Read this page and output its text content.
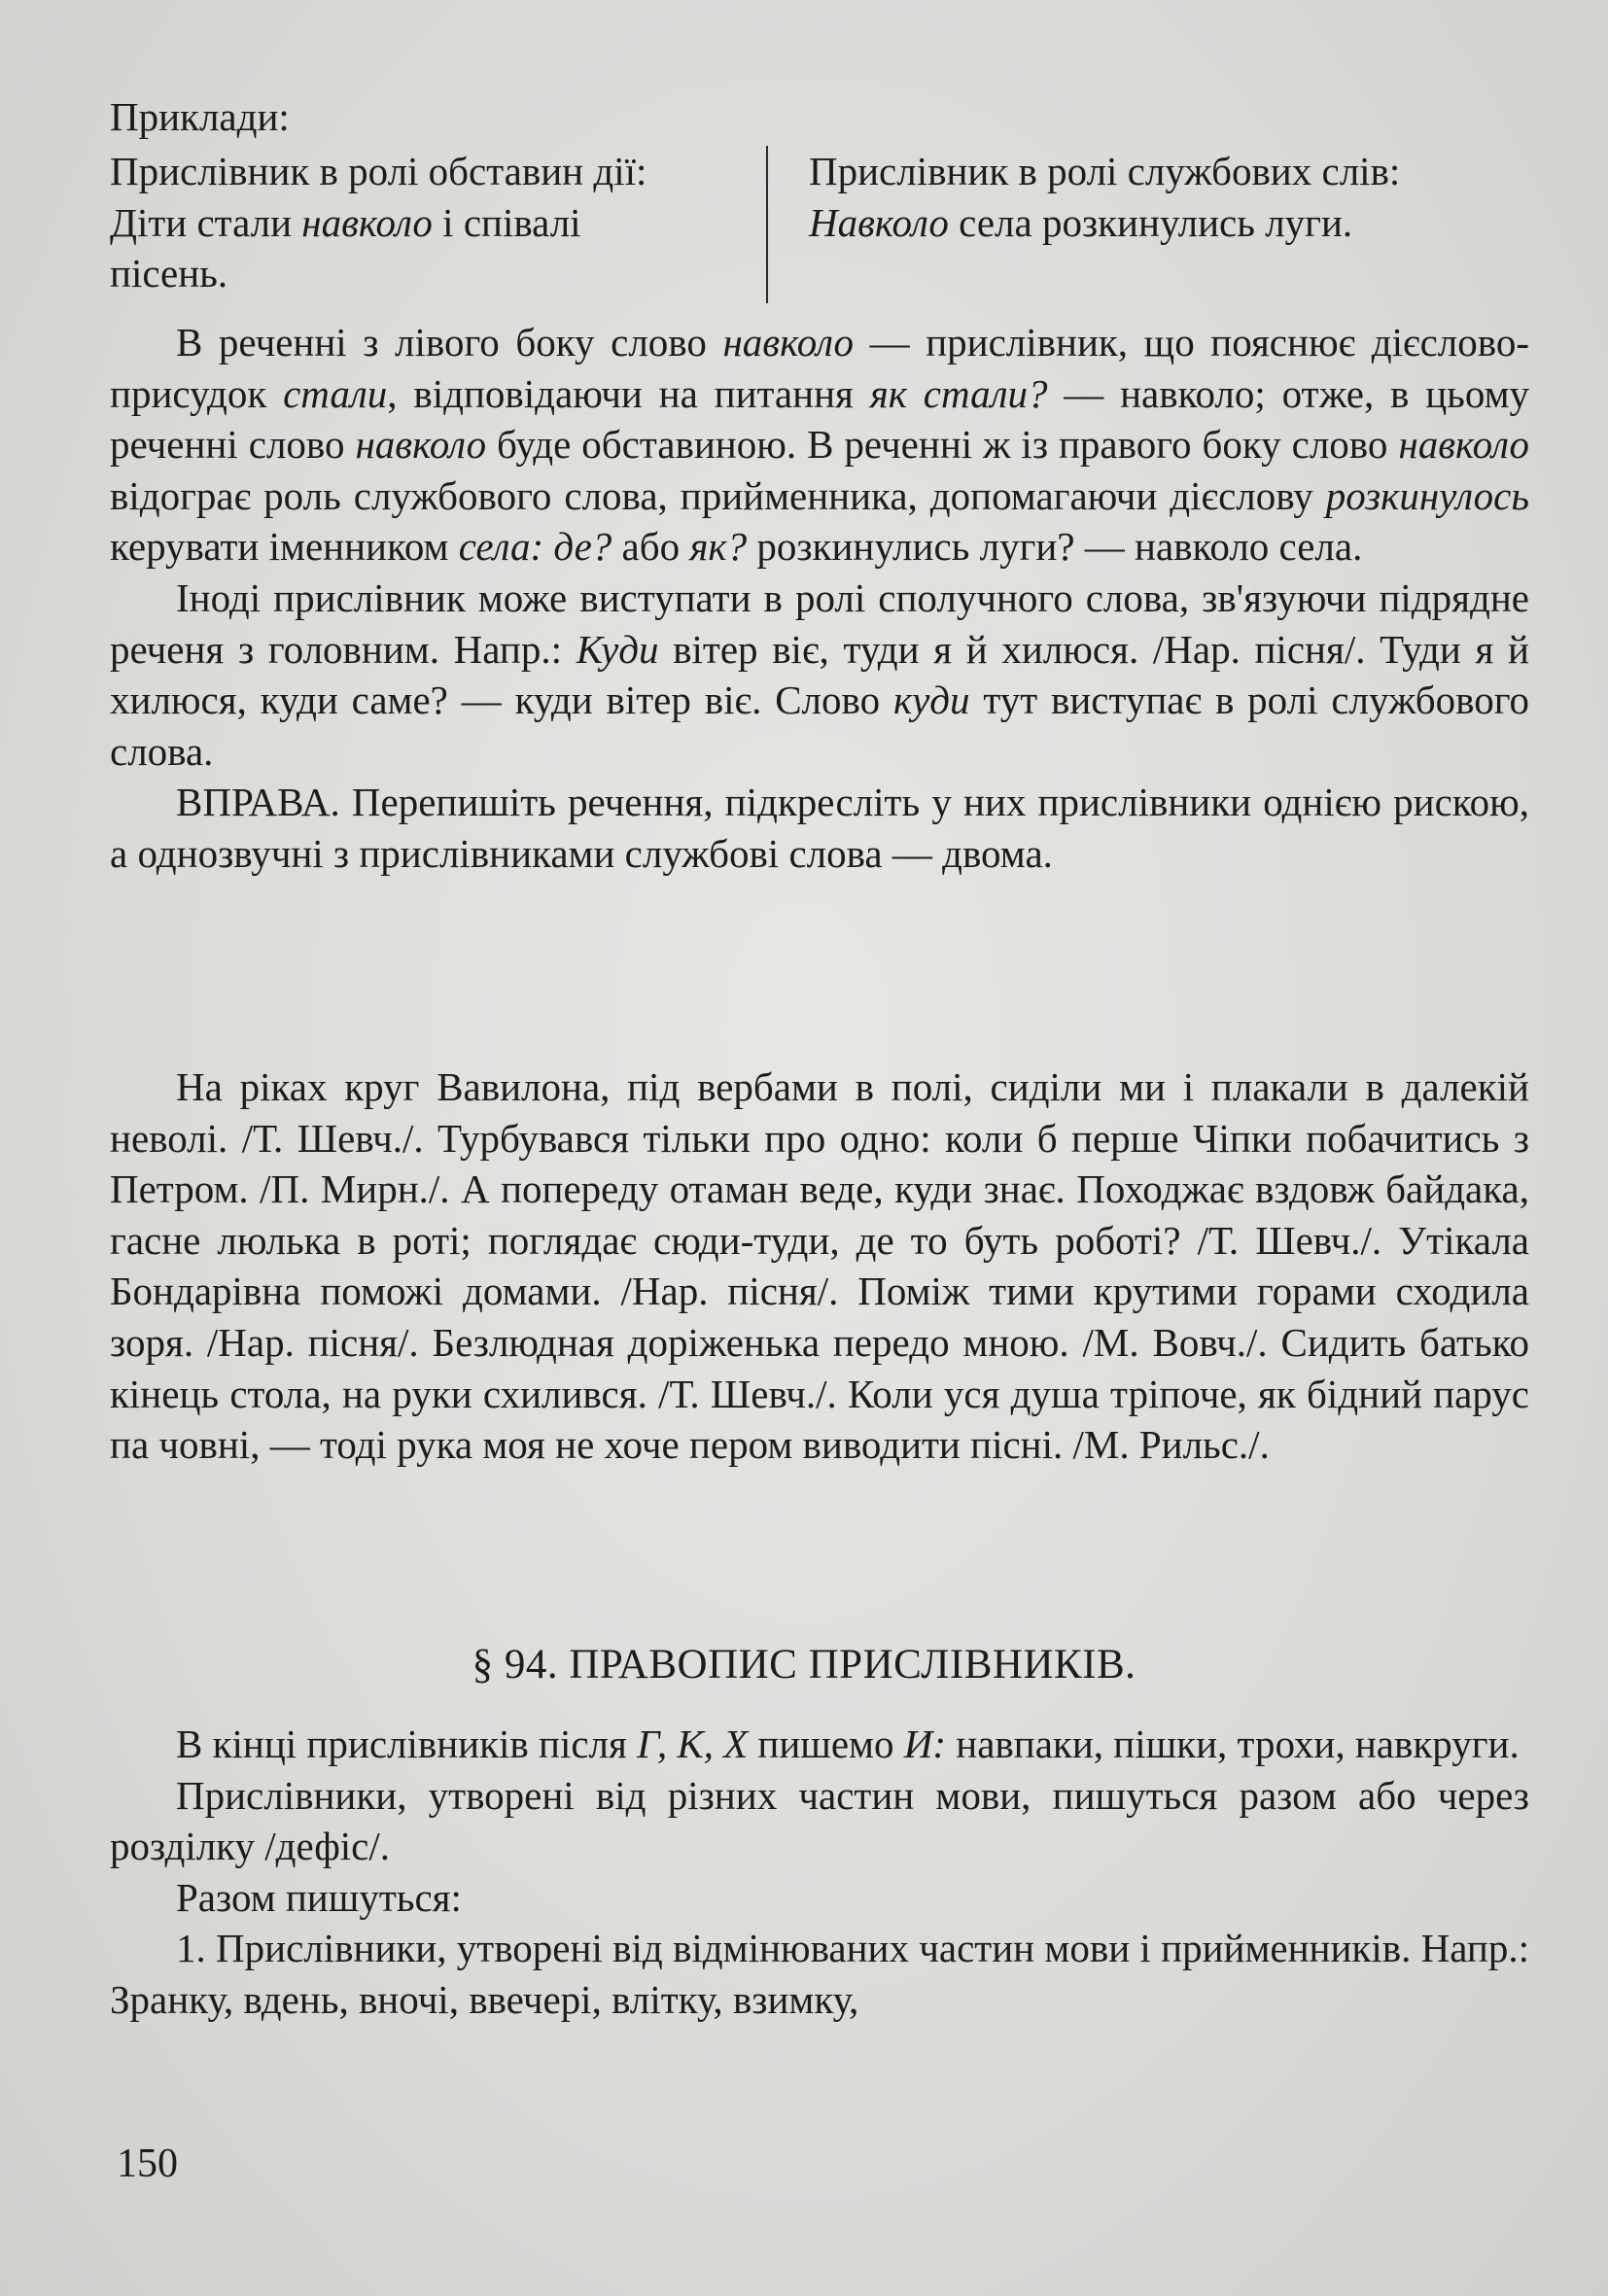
Приклади:
Прислівник в ролі обставин дії:
Діти стали навколо і співалі
пісень.
Прислівник в ролі службових слів:
Навколо села розкинулись луги.

В реченні з лівого боку слово навколо — прислівник, що пояснює дієслово-присудок стали, відповідаючи на питання як стали? — навколо; отже, в цьому реченні слово навколо буде обставиною. В реченні ж із правого боку слово навколо відограє роль службового слова, прийменника, допомагаючи дієслову розкинулось керувати іменником села: де? або як? розкинулись луги? — навколо села.

Іноді прислівник може виступати в ролі сполучного слова, зв'язуючи підрядне реченя з головним. Напр.: Куди вітер віє, туди я й хилюся. /Нар. пісня/. Туди я й хилюся, куди саме? — куди вітер віє. Слово куди тут виступає в ролі службового слова.

ВПРАВА. Перепишіть речення, підкресліть у них прислівники однією рискою, а однозвучні з прислівниками службові слова — двома.

На ріках круг Вавилона, під вербами в полі, сиділи ми і плакали в далекій неволі. /Т. Шевч./. Турбувався тільки про одно: коли б перше Чіпки побачитись з Петром. /П. Мирн./. А попереду отаман веде, куди знає. Походжає вздовж байдака, гасне люлька в роті; поглядає сюди-туди, де то буть роботі? /Т. Шевч./. Утікала Бондарівна поможі домами. /Нар. пісня/. Поміж тими крутими горами сходила зоря. /Нар. пісня/. Безлюдная доріженька передо мною. /М. Вовч./. Сидить батько кінець стола, на руки схилився. /Т. Шевч./. Коли уся душа тріпоче, як бідний парус па човні, — тоді рука моя не хоче пером виводити пісні. /М. Рильс./.

§ 94. ПРАВОПИС ПРИСЛІВНИКІВ.

В кінці прислівників після Г, К, Х пишемо И: навпаки, пішки, трохи, навкруги.

Прислівники, утворені від різних частин мови, пишуться разом або через розділку /дефіс/.

Разом пишуться:

1. Прислівники, утворені від відмінюваних частин мови і прийменників. Напр.: Зранку, вдень, вночі, ввечері, влітку, взимку,

150
